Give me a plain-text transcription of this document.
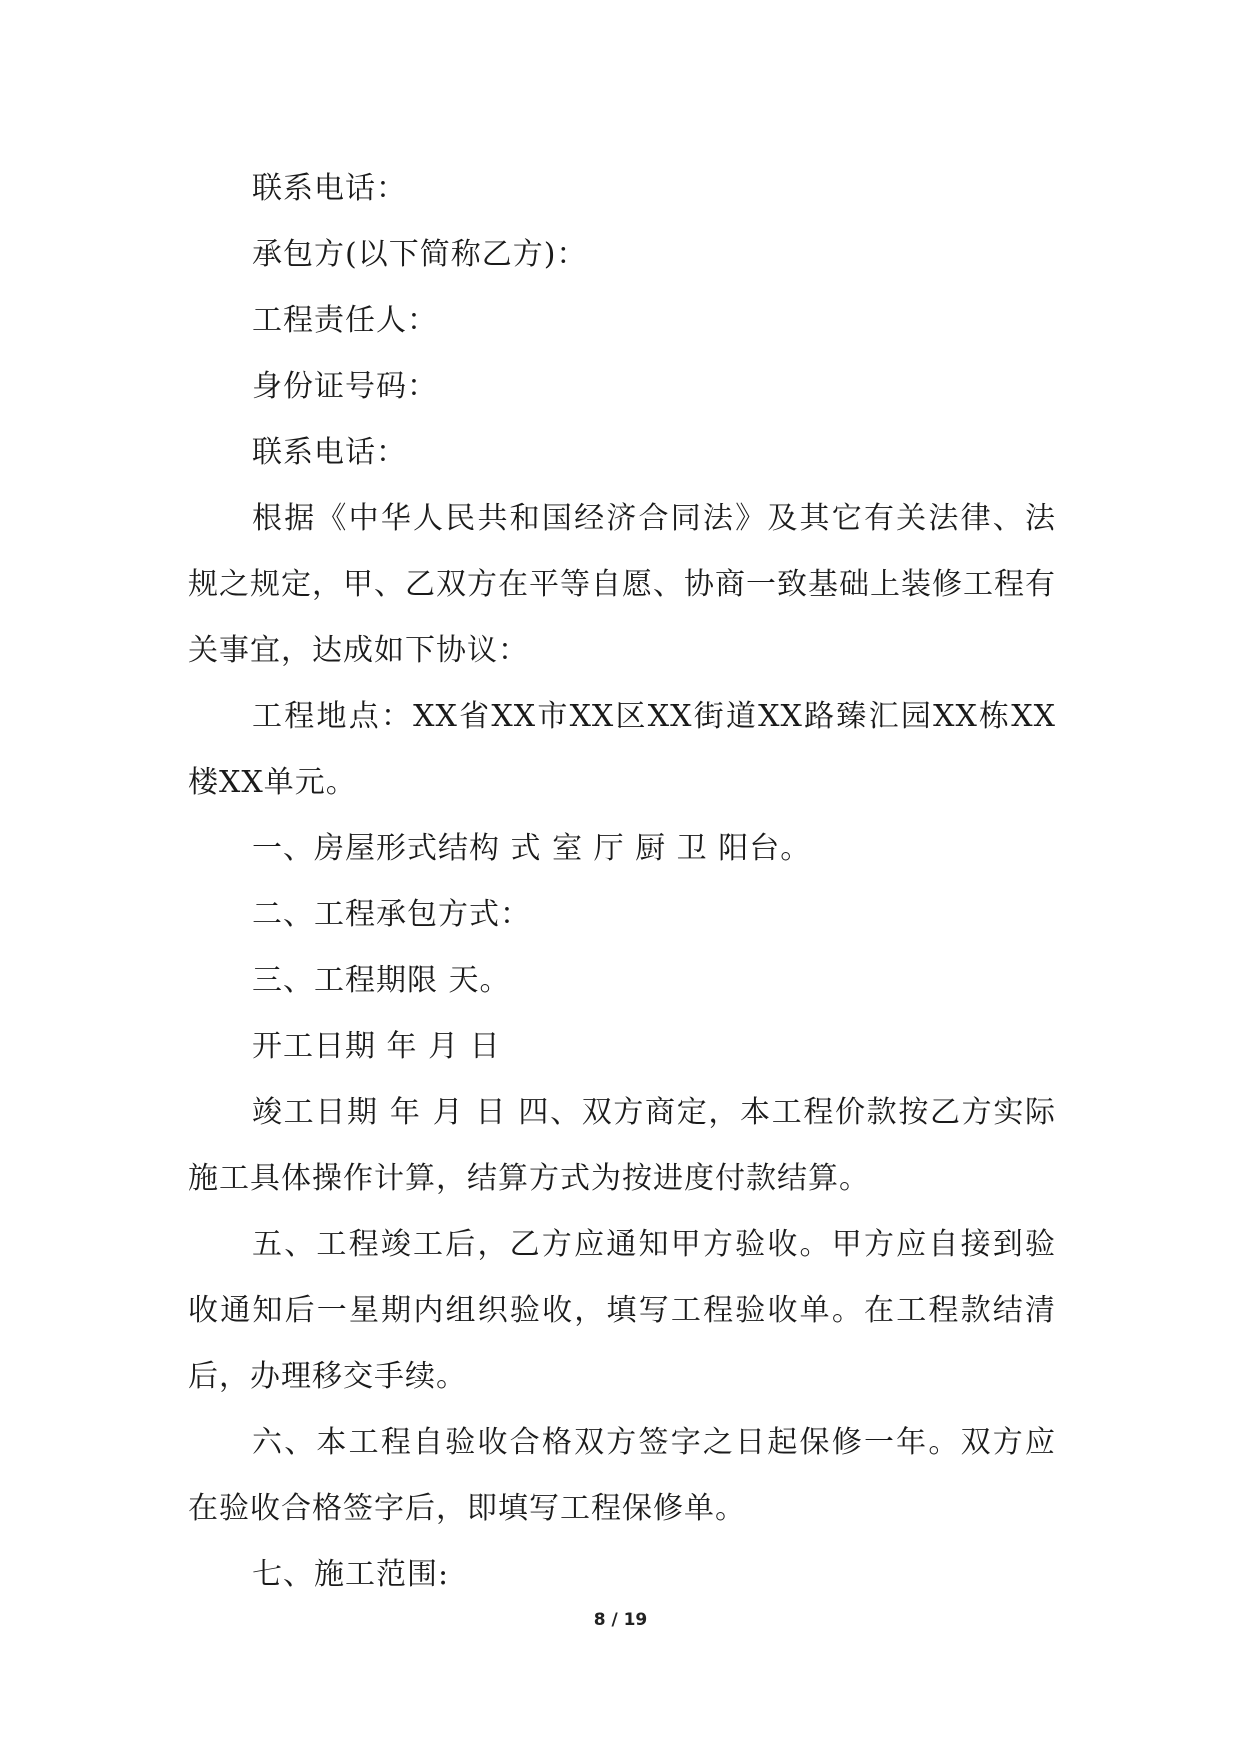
联系电话：

承包方(以下简称乙方)：

工程责任人：

身份证号码：

联系电话：

根据《中华人民共和国经济合同法》及其它有关法律、法规之规定，甲、乙双方在平等自愿、协商一致基础上装修工程有关事宜，达成如下协议：

工程地点：XX省XX市XX区XX街道XX路臻汇园XX栋XX楼XX单元。

一、房屋形式结构 式 室 厅 厨 卫 阳台。

二、工程承包方式：

三、工程期限 天。

开工日期 年 月 日

竣工日期 年 月 日 四、双方商定，本工程价款按乙方实际施工具体操作计算，结算方式为按进度付款结算。

五、工程竣工后，乙方应通知甲方验收。甲方应自接到验收通知后一星期内组织验收，填写工程验收单。在工程款结清后，办理移交手续。

六、本工程自验收合格双方签字之日起保修一年。双方应在验收合格签字后，即填写工程保修单。

七、施工范围:

8 / 19
